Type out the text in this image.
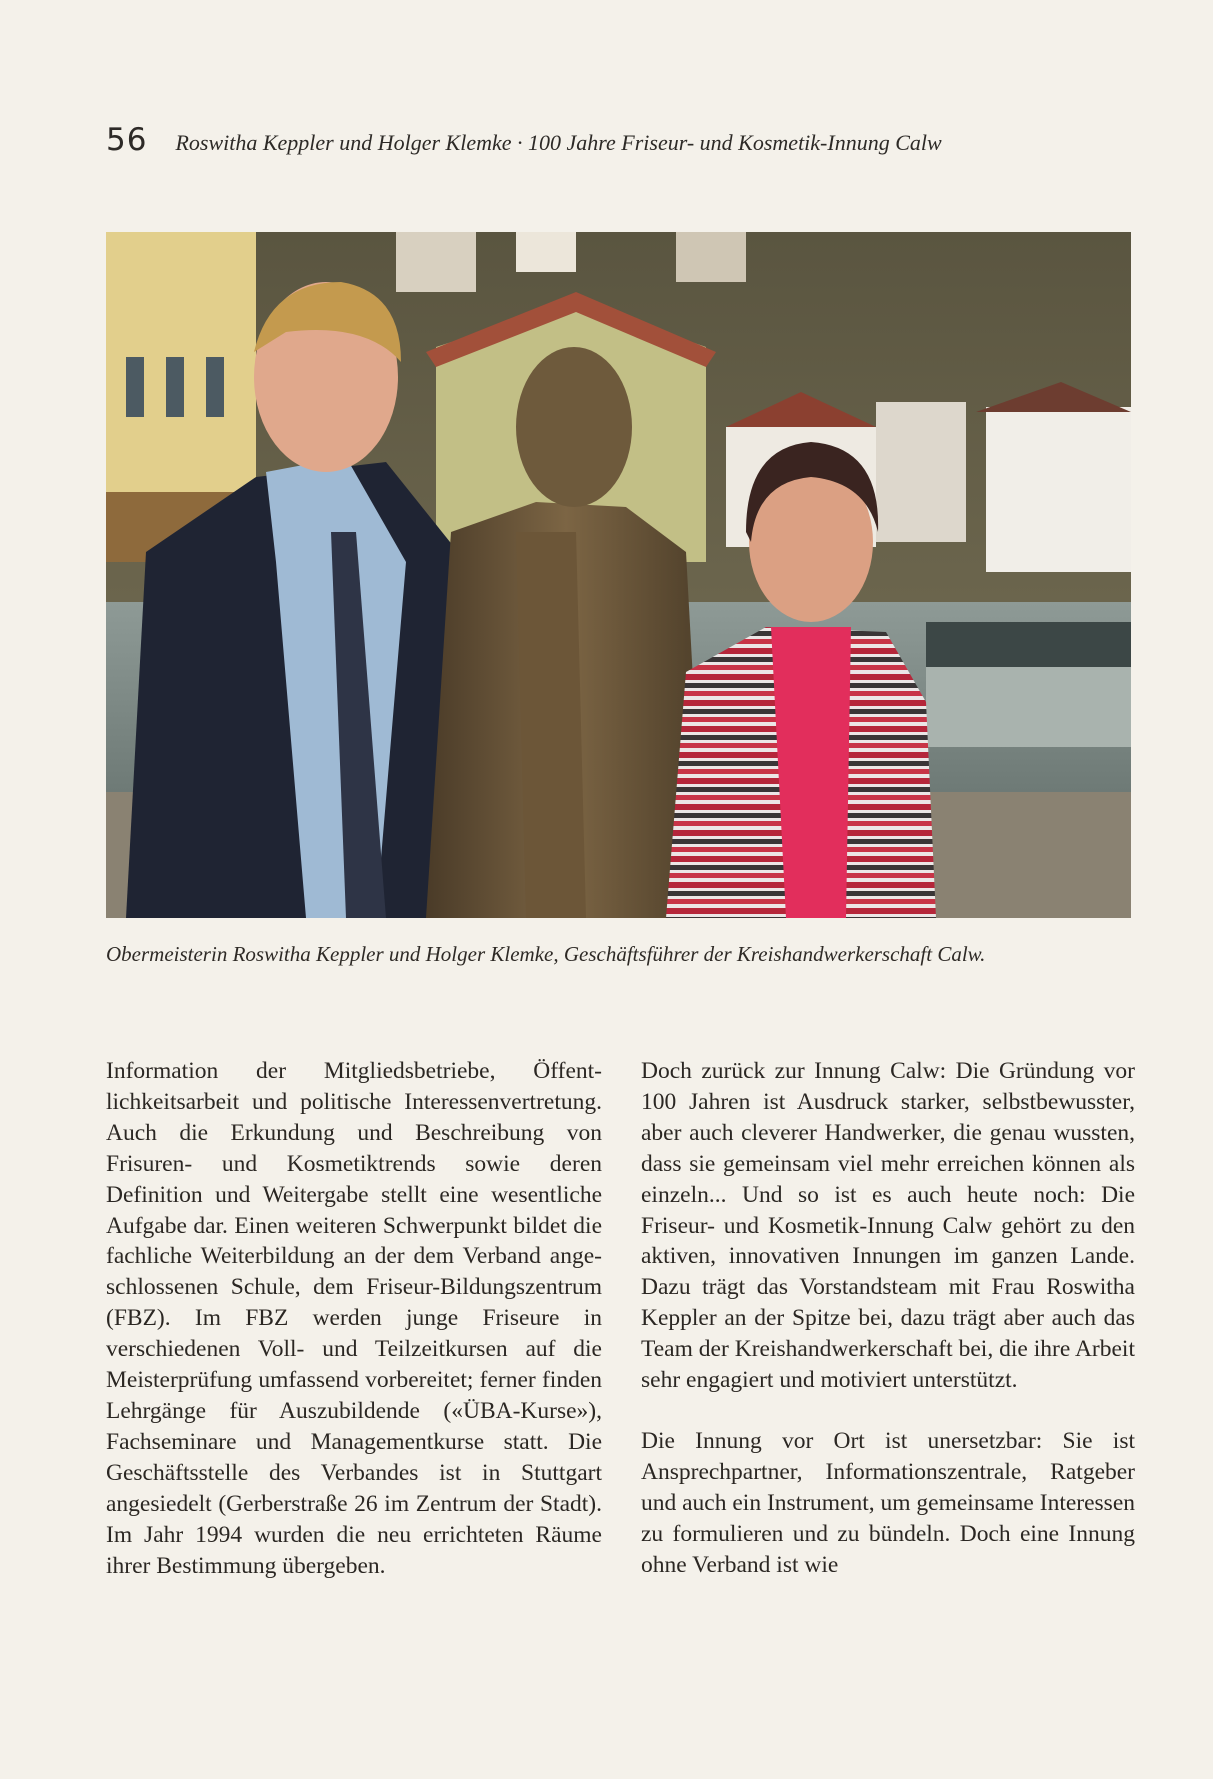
56 Roswitha Keppler und Holger Klemke · 100 Jahre Friseur- und Kosmetik-Innung Calw
Obermeisterin Roswitha Keppler und Holger Klemke, Geschäftsführer der Kreishandwerkerschaft Calw.

Information der Mitgliedsbetriebe, Öffentlichkeitsarbeit und politische Interessenvertretung. Auch die Erkundung und Beschreibung von Frisuren- und Kosmetiktrends sowie deren Definition und Weitergabe stellt eine wesentliche Aufgabe dar. Einen weiteren Schwerpunkt bildet die fachliche Weiterbildung an der dem Verband angeschlossenen Schule, dem Friseur-Bildungszentrum (FBZ). Im FBZ werden junge Friseure in verschiedenen Voll- und Teilzeitkursen auf die Meisterprüfung umfassend vorbereitet; ferner finden Lehrgänge für Auszubildende («ÜBA-Kurse»), Fachseminare und Managementkurse statt. Die Geschäftsstelle des Verbandes ist in Stuttgart angesiedelt (Gerberstraße 26 im Zentrum der Stadt). Im Jahr 1994 wurden die neu errichteten Räume ihrer Bestimmung übergeben.

Doch zurück zur Innung Calw: Die Gründung vor 100 Jahren ist Ausdruck starker, selbstbewusster, aber auch cleverer Handwerker, die genau wussten, dass sie gemeinsam viel mehr erreichen können als einzeln... Und so ist es auch heute noch: Die Friseur- und Kosmetik-Innung Calw gehört zu den aktiven, innovativen Innungen im ganzen Lande. Dazu trägt das Vorstandsteam mit Frau Roswitha Keppler an der Spitze bei, dazu trägt aber auch das Team der Kreishandwerkerschaft bei, die ihre Arbeit sehr engagiert und motiviert unterstützt.

Die Innung vor Ort ist unersetzbar: Sie ist Ansprechpartner, Informationszentrale, Ratgeber und auch ein Instrument, um gemeinsame Interessen zu formulieren und zu bündeln. Doch eine Innung ohne Verband ist wie
